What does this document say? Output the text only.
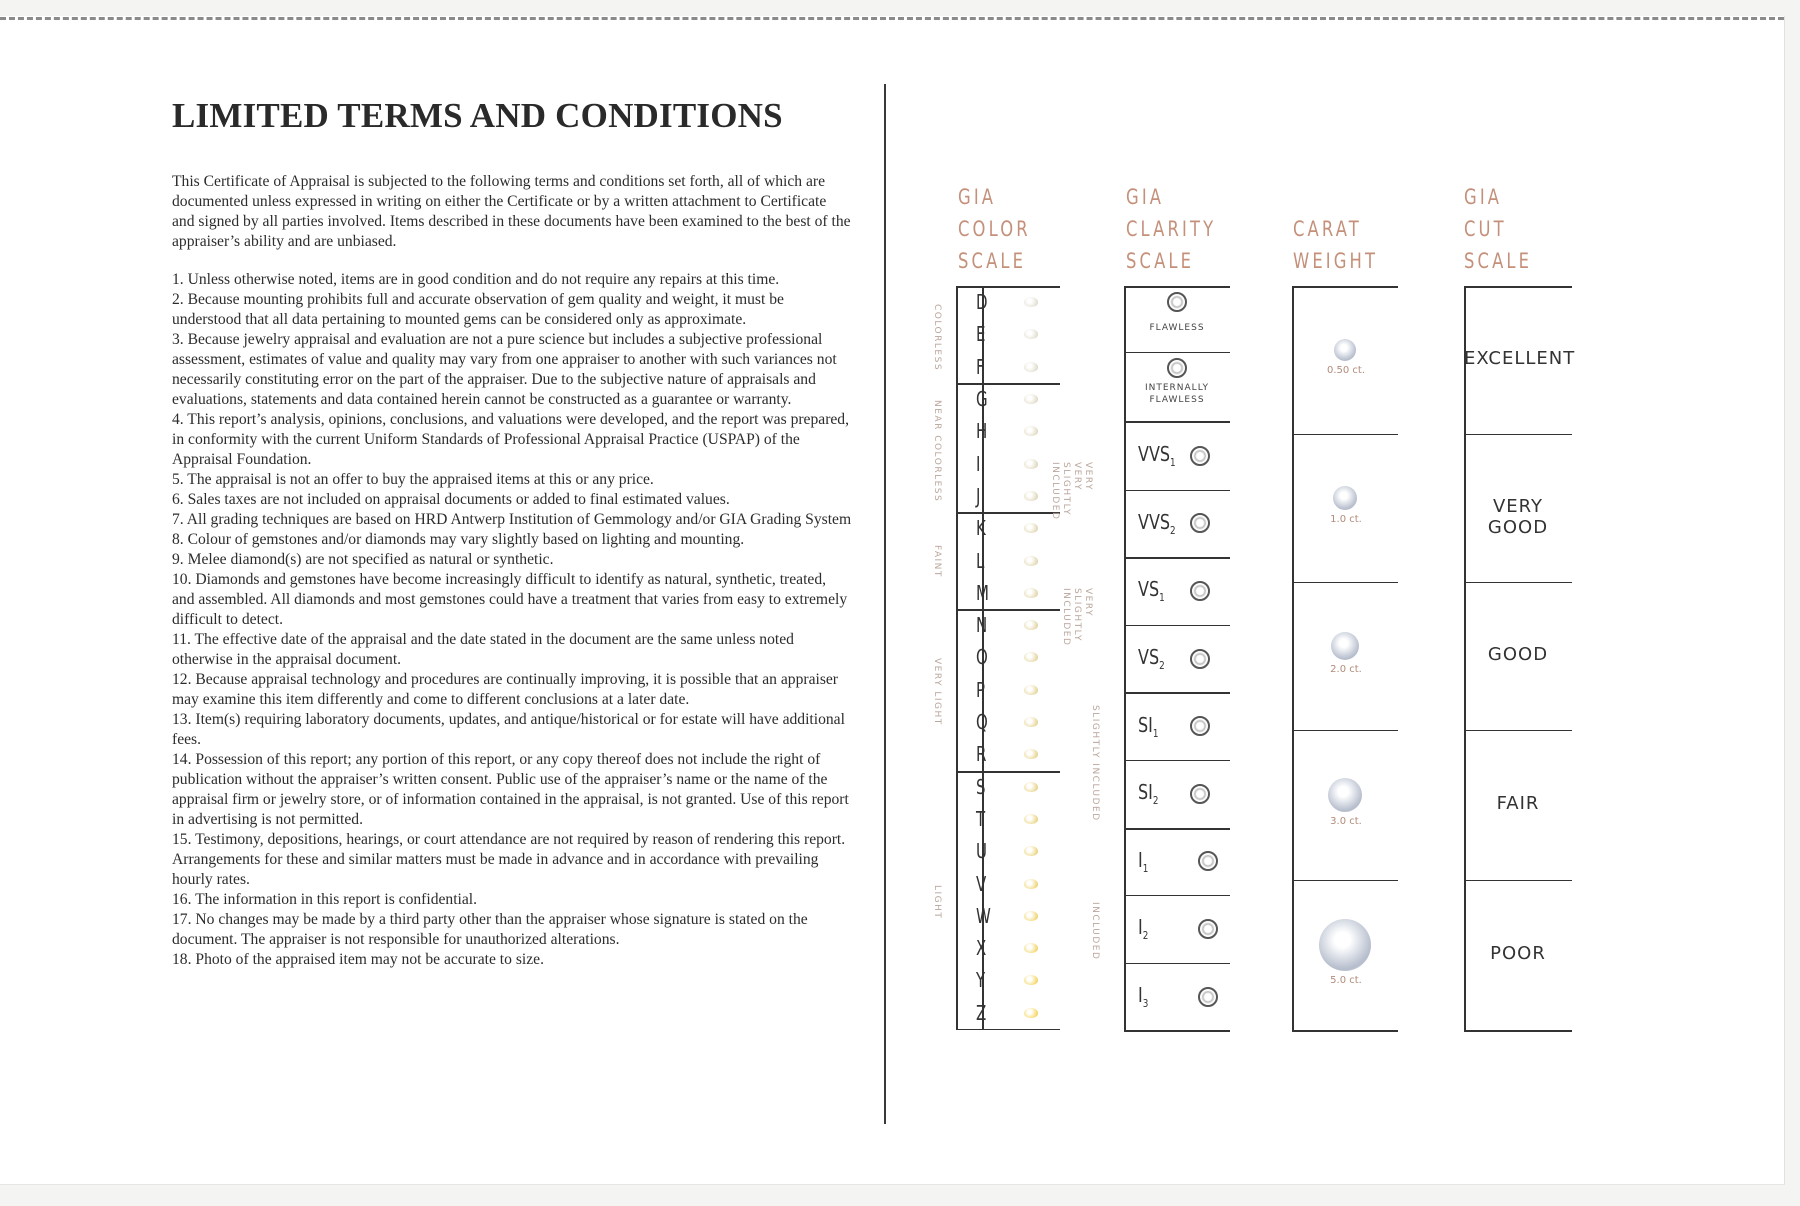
LIMITED TERMS AND CONDITIONS

This Certificate of Appraisal is subjected to the following terms and conditions set forth, all of which are documented unless expressed in writing on either the Certificate or by a written attachment to Certificate and signed by all parties involved. Items described in these documents have been examined to the best of the appraiser’s ability and are unbiased.

1. Unless otherwise noted, items are in good condition and do not require any repairs at this time.

2. Because mounting prohibits full and accurate observation of gem quality and weight, it must be understood that all data pertaining to mounted gems can be considered only as approximate.

3. Because jewelry appraisal and evaluation are not a pure science but includes a subjective professional assessment, estimates of value and quality may vary from one appraiser to another with such variances not necessarily constituting error on the part of the appraiser. Due to the subjective nature of appraisals and evaluations, statements and data contained herein cannot be constructed as a guarantee or warranty.

4. This report’s analysis, opinions, conclusions, and valuations were developed, and the report was prepared, in conformity with the current Uniform Standards of Professional Appraisal Practice (USPAP) of the Appraisal Foundation.

5. The appraisal is not an offer to buy the appraised items at this or any price.

6. Sales taxes are not included on appraisal documents or added to final estimated values.

7. All grading techniques are based on HRD Antwerp Institution of Gemmology and/or GIA Grading System

8. Colour of gemstones and/or diamonds may vary slightly based on lighting and mounting.

9. Melee diamond(s) are not specified as natural or synthetic.

10. Diamonds and gemstones have become increasingly difficult to identify as natural, synthetic, treated, and assembled. All diamonds and most gemstones could have a treatment that varies from easy to extremely difficult to detect.

11. The effective date of the appraisal and the date stated in the document are the same unless noted otherwise in the appraisal document.

12. Because appraisal technology and procedures are continually improving, it is possible that an appraiser may examine this item differently and come to different conclusions at a later date.

13. Item(s) requiring laboratory documents, updates, and antique/historical or for estate will have additional fees.

14. Possession of this report; any portion of this report, or any copy thereof does not include the right of publication without the appraiser’s written consent. Public use of the appraiser’s name or the name of the appraisal firm or jewelry store, or of information contained in the appraisal, is not granted. Use of this report in advertising is not permitted.

15. Testimony, depositions, hearings, or court attendance are not required by reason of rendering this report. Arrangements for these and similar matters must be made in advance and in accordance with prevailing hourly rates.

16. The information in this report is confidential.

17. No changes may be made by a third party other than the appraiser whose signature is stated on the document. The appraiser is not responsible for unauthorized alterations.

18. Photo of the appraised item may not be accurate to size.

GIA
COLOR
SCALE
GIA
CLARITY
SCALE
CARAT
WEIGHT
GIA
CUT
SCALE
D
E
F
G
H
I
J
K
L
M
N
O
P
Q
R
S
T
U
V
W
X
Y
Z
COLORLESS
NEAR COLORLESS
FAINT
VERY LIGHT
LIGHT
FLAWLESS
INTERNALLY
FLAWLESS
$VVS_1$
$VVS_2$
$VS_1$
$VS_2$
$SI_1$
$SI_2$
$I_1$
$I_2$
$I_3$
VERY VERY SLIGHTLY INCLUDED
VERY SLIGHTLY INCLUDED
SLIGHTLY INCLUDED
INCLUDED
0.50 ct.
1.0 ct.
2.0 ct.
3.0 ct.
5.0 ct.
EXCELLENT
VERY GOOD
GOOD
FAIR
POOR
